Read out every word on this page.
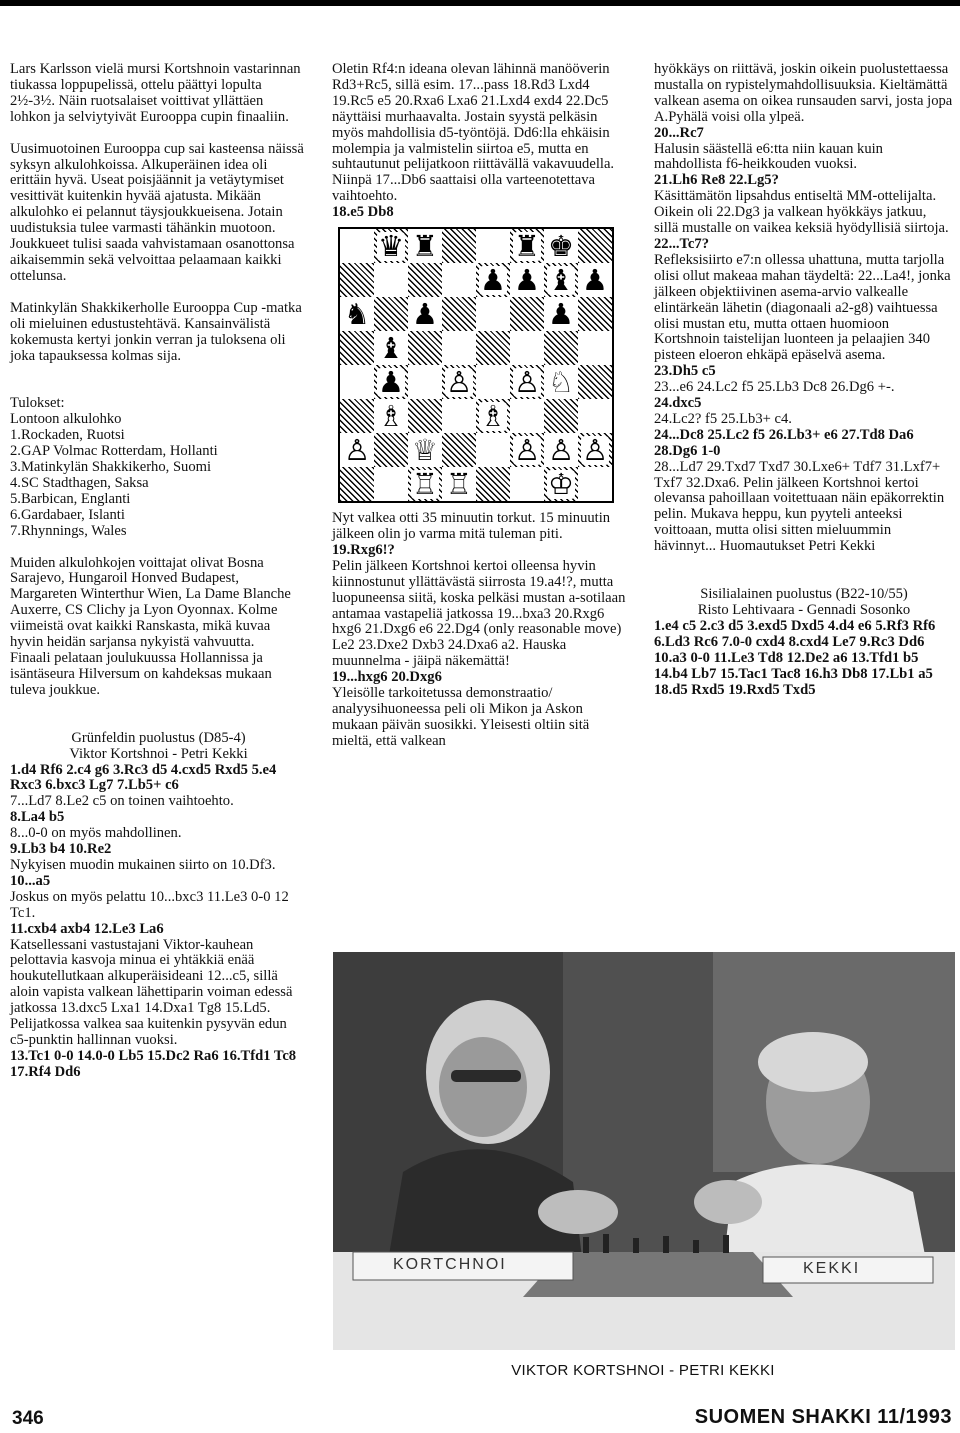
Lars Karlsson vielä mursi Kortshnoin vastarinnan tiukassa loppupelissä, ottelu päättyi lopulta 2½-3½. Näin ruotsalaiset voittivat yllättäen lohkon ja selviytyivät Eurooppa cupin finaaliin.

Uusimuotoinen Eurooppa cup sai kasteensa näissä syksyn alkulohkoissa. Alkuperäinen idea oli erittäin hyvä. Useat poisjäännit ja vetäytymiset vesittivät kuitenkin hyvää ajatusta. Mikään alkulohko ei pelannut täysjoukkueisena. Jotain uudistuksia tulee varmasti tähänkin muotoon. Joukkueet tulisi saada vahvistamaan osanottonsa aikaisemmin sekä velvoittaa pelaamaan kaikki ottelunsa.

Matinkylän Shakkikerholle Eurooppa Cup -matka oli mieluinen edustustehtävä. Kansainvälistä kokemusta kertyi jonkin verran ja tuloksena oli joka tapauksessa kolmas sija.

Tulokset:
Lontoon alkulohko
1.Rockaden, Ruotsi
2.GAP Volmac Rotterdam, Hollanti
3.Matinkylän Shakkikerho, Suomi
4.SC Stadthagen, Saksa
5.Barbican, Englanti
6.Gardabaer, Islanti
7.Rhynnings, Wales

Muiden alkulohkojen voittajat olivat Bosna Sarajevo, Hungaroil Honved Budapest, Margareten Winterthur Wien, La Dame Blanche Auxerre, CS Clichy ja Lyon Oyonnax. Kolme viimeistä ovat kaikki Ranskasta, mikä kuvaa hyvin heidän sarjansa nykyistä vahvuutta.

Finaali pelataan joulukuussa Hollannissa ja isäntäseura Hilversum on kahdeksas mukaan tuleva joukkue.

Grünfeldin puolustus (D85-4)

Viktor Kortshnoi - Petri Kekki

1.d4 Rf6 2.c4 g6 3.Rc3 d5 4.cxd5 Rxd5 5.e4 Rxc3 6.bxc3 Lg7 7.Lb5+ c6

7...Ld7 8.Le2 c5 on toinen vaihtoehto.

8.La4 b5

8...0-0 on myös mahdollinen.

9.Lb3 b4 10.Re2

Nykyisen muodin mukainen siirto on 10.Df3.

10...a5

Joskus on myös pelattu 10...bxc3 11.Le3 0-0 12 Tc1.

11.cxb4 axb4 12.Le3 La6

Katsellessani vastustajani Viktor-kauhean pelottavia kasvoja minua ei yhtäkkiä enää houkutellutkaan alkuperäisideani 12...c5, sillä aloin vapista valkean lähettiparin voiman edessä jatkossa 13.dxc5 Lxa1 14.Dxa1 Tg8 15.Ld5. Pelijatkossa valkea saa kuitenkin pysyvän edun c5-punktin hallinnan vuoksi.

13.Tc1 0-0 14.0-0 Lb5 15.Dc2 Ra6 16.Tfd1 Tc8 17.Rf4 Dd6

Oletin Rf4:n ideana olevan lähinnä manööverin Rd3+Rc5, sillä esim. 17...pass 18.Rd3 Lxd4 19.Rc5 e5 20.Rxa6 Lxa6 21.Lxd4 exd4 22.Dc5 näyttäisi murhaavalta. Jostain syystä pelkäsin myös mahdollisia d5-työntöjä. Dd6:lla ehkäisin molempia ja valmistelin siirtoa e5, mutta en suhtautunut pelijatkoon riittävällä vakavuudella. Niinpä 17...Db6 saattaisi olla varteenotettava vaihtoehto.

18.e5 Db8

♛ ♜	♜ ♚
♟ ♟ ♝ ♟
♞ ♟	♟
♝
♟ ♙ ♙ ♘
♗	♗
♙ ♕	♙ ♙ ♙
♖ ♖	♔

Nyt valkea otti 35 minuutin torkut. 15 minuutin jälkeen olin jo varma mitä tuleman piti.

19.Rxg6!?

Pelin jälkeen Kortshnoi kertoi olleensa hyvin kiinnostunut yllättävästä siirrosta 19.a4!?, mutta luopuneensa siitä, koska pelkäsi mustan a-sotilaan antamaa vastapeliä jatkossa 19...bxa3 20.Rxg6 hxg6 21.Dxg6 e6 22.Dg4 (only reasonable move) Le2 23.Dxe2 Dxb3 24.Dxa6 a2. Hauska muunnelma - jäipä näkemättä!

19...hxg6 20.Dxg6

Yleisölle tarkoitetussa demonstraatio/ analyysihuoneessa peli oli Mikon ja Askon mukaan päivän suosikki. Yleisesti oltiin sitä mieltä, että valkean

hyökkäys on riittävä, joskin oikein puolustettaessa mustalla on rypistelymahdollisuuksia. Kieltämättä valkean asema on oikea runsauden sarvi, josta jopa A.Pyhälä voisi olla ylpeä.

20...Rc7

Halusin säästellä e6:tta niin kauan kuin mahdollista f6-heikkouden vuoksi.

21.Lh6 Re8 22.Lg5?

Käsittämätön lipsahdus entiseltä MM-ottelijalta. Oikein oli 22.Dg3 ja valkean hyökkäys jatkuu, sillä mustalle on vaikea keksiä hyödyllisiä siirtoja.

22...Tc7?

Refleksisiirto e7:n ollessa uhattuna, mutta tarjolla olisi ollut makeaa mahan täydeltä: 22...La4!, jonka jälkeen objektiivinen asema-arvio valkealle elintärkeän lähetin (diagonaali a2-g8) vaihtuessa olisi mustan etu, mutta ottaen huomioon Kortshnoin taistelijan luonteen ja pelaajien 340 pisteen eloeron ehkäpä epäselvä asema.

23.Dh5 c5

23...e6 24.Lc2 f5 25.Lb3 Dc8 26.Dg6 +-.

24.dxc5

24.Lc2? f5 25.Lb3+ c4.

24...Dc8 25.Lc2 f5 26.Lb3+ e6 27.Td8 Da6 28.Dg6 1-0

28...Ld7 29.Txd7 Txd7 30.Lxe6+ Tdf7 31.Lxf7+ Txf7 32.Dxa6. Pelin jälkeen Kortshnoi kertoi olevansa pahoillaan voitettuaan näin epäkorrektin pelin. Mukava heppu, kun pyyteli anteeksi voittoaan, mutta olisi sitten mieluummin hävinnyt... Huomautukset Petri Kekki

Sisilialainen puolustus (B22-10/55)

Risto Lehtivaara - Gennadi Sosonko

1.e4 c5 2.c3 d5 3.exd5 Dxd5 4.d4 e6 5.Rf3 Rf6 6.Ld3 Rc6 7.0-0 cxd4 8.cxd4 Le7 9.Rc3 Dd6 10.a3 0-0 11.Le3 Td8 12.De2 a6 13.Tfd1 b5 14.b4 Lb7 15.Tac1 Tac8 16.h3 Db8 17.Lb1 a5 18.d5 Rxd5 19.Rxd5 Txd5

KORTCHNOI	KEKKI
VIKTOR KORTSHNOI - PETRI KEKKI
346	SUOMEN SHAKKI 11/1993
